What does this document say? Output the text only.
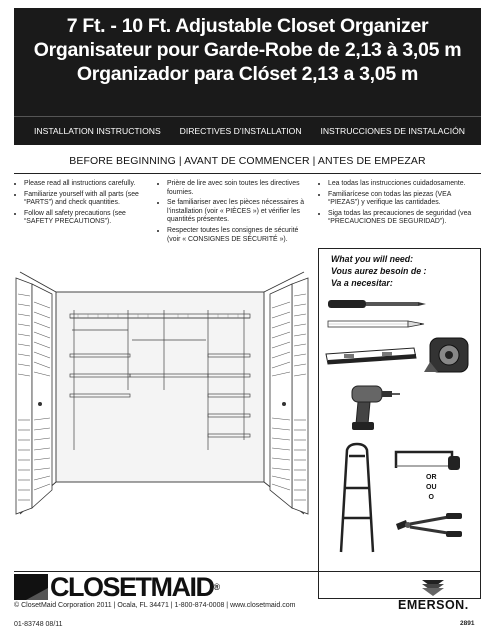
7 Ft. - 10 Ft. Adjustable Closet Organizer
Organisateur pour Garde-Robe de 2,13 à 3,05 m
Organizador para Clóset 2,13 a 3,05 m
INSTALLATION INSTRUCTIONS DIRECTIVES D’INSTALLATION INSTRUCCIONES DE INSTALACIÓN
BEFORE BEGINNING | AVANT DE COMMENCER | ANTES DE EMPEZAR
• Please read all instructions carefully.
• Familiarize yourself with all parts (see “PARTS”) and check quantities.
• Follow all safety precautions (see “SAFETY PRECAUTIONS”).
• Prière de lire avec soin toutes les directives fournies.
• Se familiariser avec les pièces nécessaires à l’installation (voir « PIÈCES ») et vérifier les quantités présentes.
• Respecter toutes les consignes de sécurité (voir « CONSIGNES DE SÉCURITÉ »).
• Lea todas las instrucciones cuidadosamente.
• Familiarícese con todas las piezas (VEA “PIEZAS”) y verifique las cantidades.
• Siga todas las precauciones de seguridad (vea “PRECAUCIONES DE SEGURIDAD”).
What you will need:
Vous aurez besoin de :
Va a necesitar:
OR
OU
O
CLOSETMAID®
© ClosetMaid Corporation 2011 | Ocala, FL 34471 | 1-800-874-0008 | www.closetmaid.com
01-83748 08/11	2891
EMERSON.
